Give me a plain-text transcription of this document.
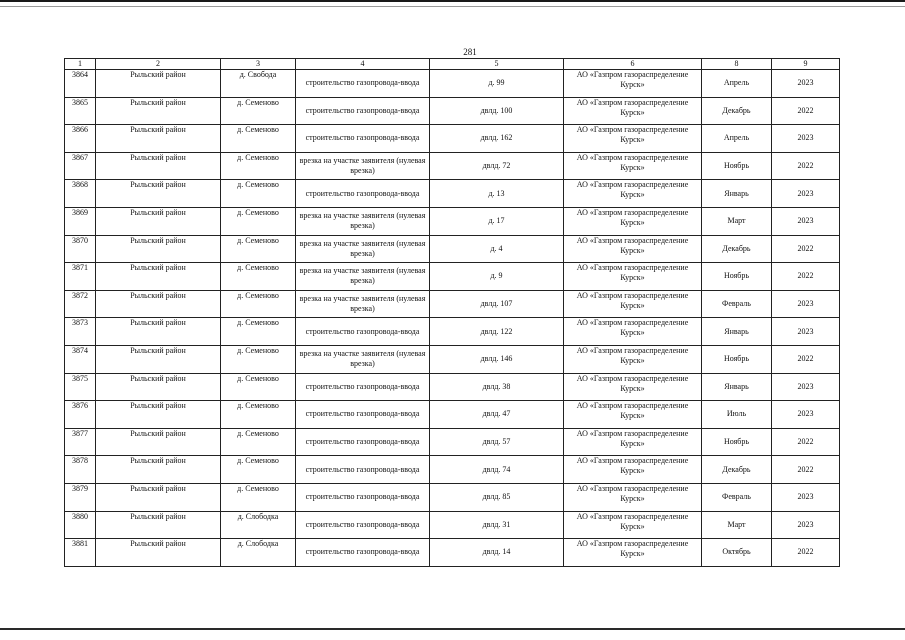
281
1	2	3	4	5	6	8	9
3864	Рыльский район	д. Свобода	строительство газопровода-ввода	д. 99	АО «Газпром газораспределение Курск»	Апрель	2023
3865	Рыльский район	д. Семеново	строительство газопровода-ввода	двлд. 100	АО «Газпром газораспределение Курск»	Декабрь	2022
3866	Рыльский район	д. Семеново	строительство газопровода-ввода	двлд. 162	АО «Газпром газораспределение Курск»	Апрель	2023
3867	Рыльский район	д. Семеново	врезка на участке заявителя (нулевая врезка)	двлд. 72	АО «Газпром газораспределение Курск»	Ноябрь	2022
3868	Рыльский район	д. Семеново	строительство газопровода-ввода	д. 13	АО «Газпром газораспределение Курск»	Январь	2023
3869	Рыльский район	д. Семеново	врезка на участке заявителя (нулевая врезка)	д. 17	АО «Газпром газораспределение Курск»	Март	2023
3870	Рыльский район	д. Семеново	врезка на участке заявителя (нулевая врезка)	д. 4	АО «Газпром газораспределение Курск»	Декабрь	2022
3871	Рыльский район	д. Семеново	врезка на участке заявителя (нулевая врезка)	д. 9	АО «Газпром газораспределение Курск»	Ноябрь	2022
3872	Рыльский район	д. Семеново	врезка на участке заявителя (нулевая врезка)	двлд. 107	АО «Газпром газораспределение Курск»	Февраль	2023
3873	Рыльский район	д. Семеново	строительство газопровода-ввода	двлд. 122	АО «Газпром газораспределение Курск»	Январь	2023
3874	Рыльский район	д. Семеново	врезка на участке заявителя (нулевая врезка)	двлд. 146	АО «Газпром газораспределение Курск»	Ноябрь	2022
3875	Рыльский район	д. Семеново	строительство газопровода-ввода	двлд. 38	АО «Газпром газораспределение Курск»	Январь	2023
3876	Рыльский район	д. Семеново	строительство газопровода-ввода	двлд. 47	АО «Газпром газораспределение Курск»	Июль	2023
3877	Рыльский район	д. Семеново	строительство газопровода-ввода	двлд. 57	АО «Газпром газораспределение Курск»	Ноябрь	2022
3878	Рыльский район	д. Семеново	строительство газопровода-ввода	двлд. 74	АО «Газпром газораспределение Курск»	Декабрь	2022
3879	Рыльский район	д. Семеново	строительство газопровода-ввода	двлд. 85	АО «Газпром газораспределение Курск»	Февраль	2023
3880	Рыльский район	д. Слободка	строительство газопровода-ввода	двлд. 31	АО «Газпром газораспределение Курск»	Март	2023
3881	Рыльский район	д. Слободка	строительство газопровода-ввода	двлд. 14	АО «Газпром газораспределение Курск»	Октябрь	2022
